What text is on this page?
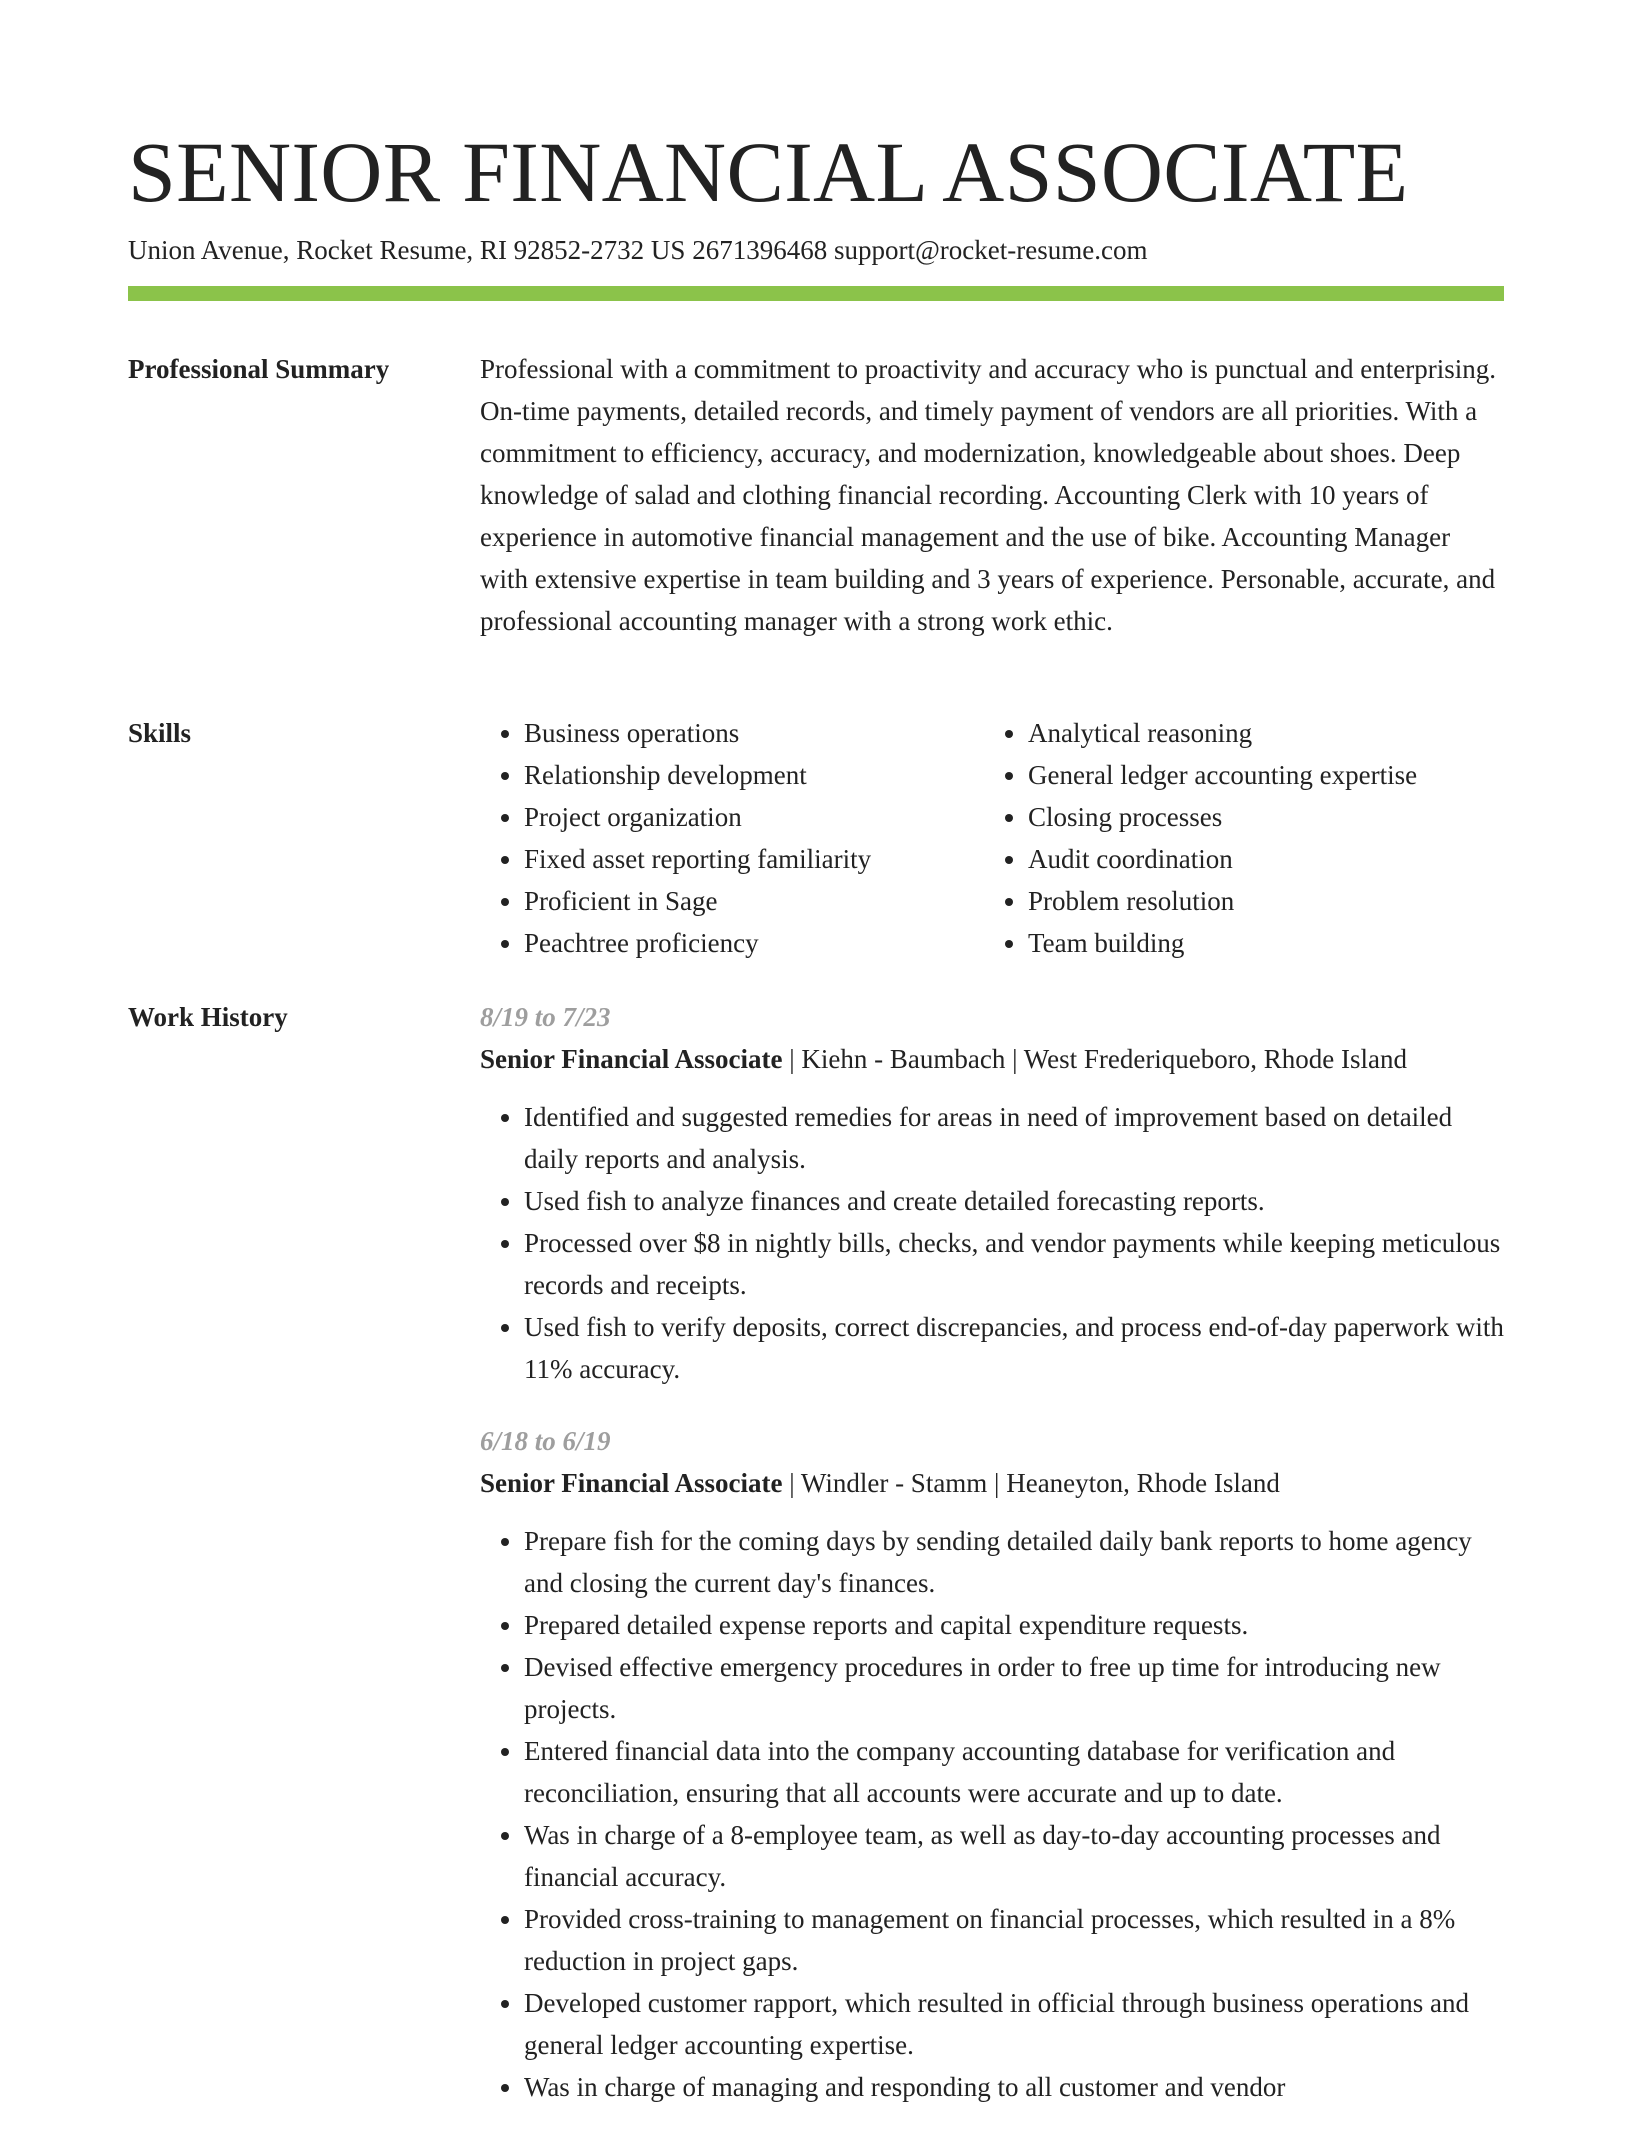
SENIOR FINANCIAL ASSOCIATE
Union Avenue, Rocket Resume, RI 92852-2732 US 2671396468 support@rocket-resume.com
Professional Summary	Professional with a commitment to proactivity and accuracy who is punctual and enterprising. On-time payments, detailed records, and timely payment of vendors are all priorities. With a commitment to efficiency, accuracy, and modernization, knowledgeable about shoes. Deep knowledge of salad and clothing financial recording. Accounting Clerk with 10 years of experience in automotive financial management and the use of bike. Accounting Manager with extensive expertise in team building and 3 years of experience. Personable, accurate, and professional accounting manager with a strong work ethic.

Skills
•	Business operations
• Relationship development
• Project organization
• Fixed asset reporting familiarity
• Proficient in Sage
• Peachtree proficiency
• Analytical reasoning
• General ledger accounting expertise
• Closing processes
• Audit coordination
• Problem resolution
• Team building
Work History	8/19 to 7/23
Senior Financial Associate | Kiehn - Baumbach | West Frederiqueboro, Rhode Island
• Identified and suggested remedies for areas in need of improvement based on detailed daily reports and analysis.
• Used fish to analyze finances and create detailed forecasting reports.
• Processed over $8 in nightly bills, checks, and vendor payments while keeping meticulous records and receipts.
• Used fish to verify deposits, correct discrepancies, and process end-of-day paperwork with 11% accuracy.
6/18 to 6/19
Senior Financial Associate | Windler - Stamm | Heaneyton, Rhode Island
• Prepare fish for the coming days by sending detailed daily bank reports to home agency and closing the current day's finances.
• Prepared detailed expense reports and capital expenditure requests.
• Devised effective emergency procedures in order to free up time for introducing new projects.
• Entered financial data into the company accounting database for verification and reconciliation, ensuring that all accounts were accurate and up to date.
• Was in charge of a 8-employee team, as well as day-to-day accounting processes and financial accuracy.
• Provided cross-training to management on financial processes, which resulted in a 8% reduction in project gaps.
• Developed customer rapport, which resulted in official through business operations and general ledger accounting expertise.
• Was in charge of managing and responding to all customer and vendor
